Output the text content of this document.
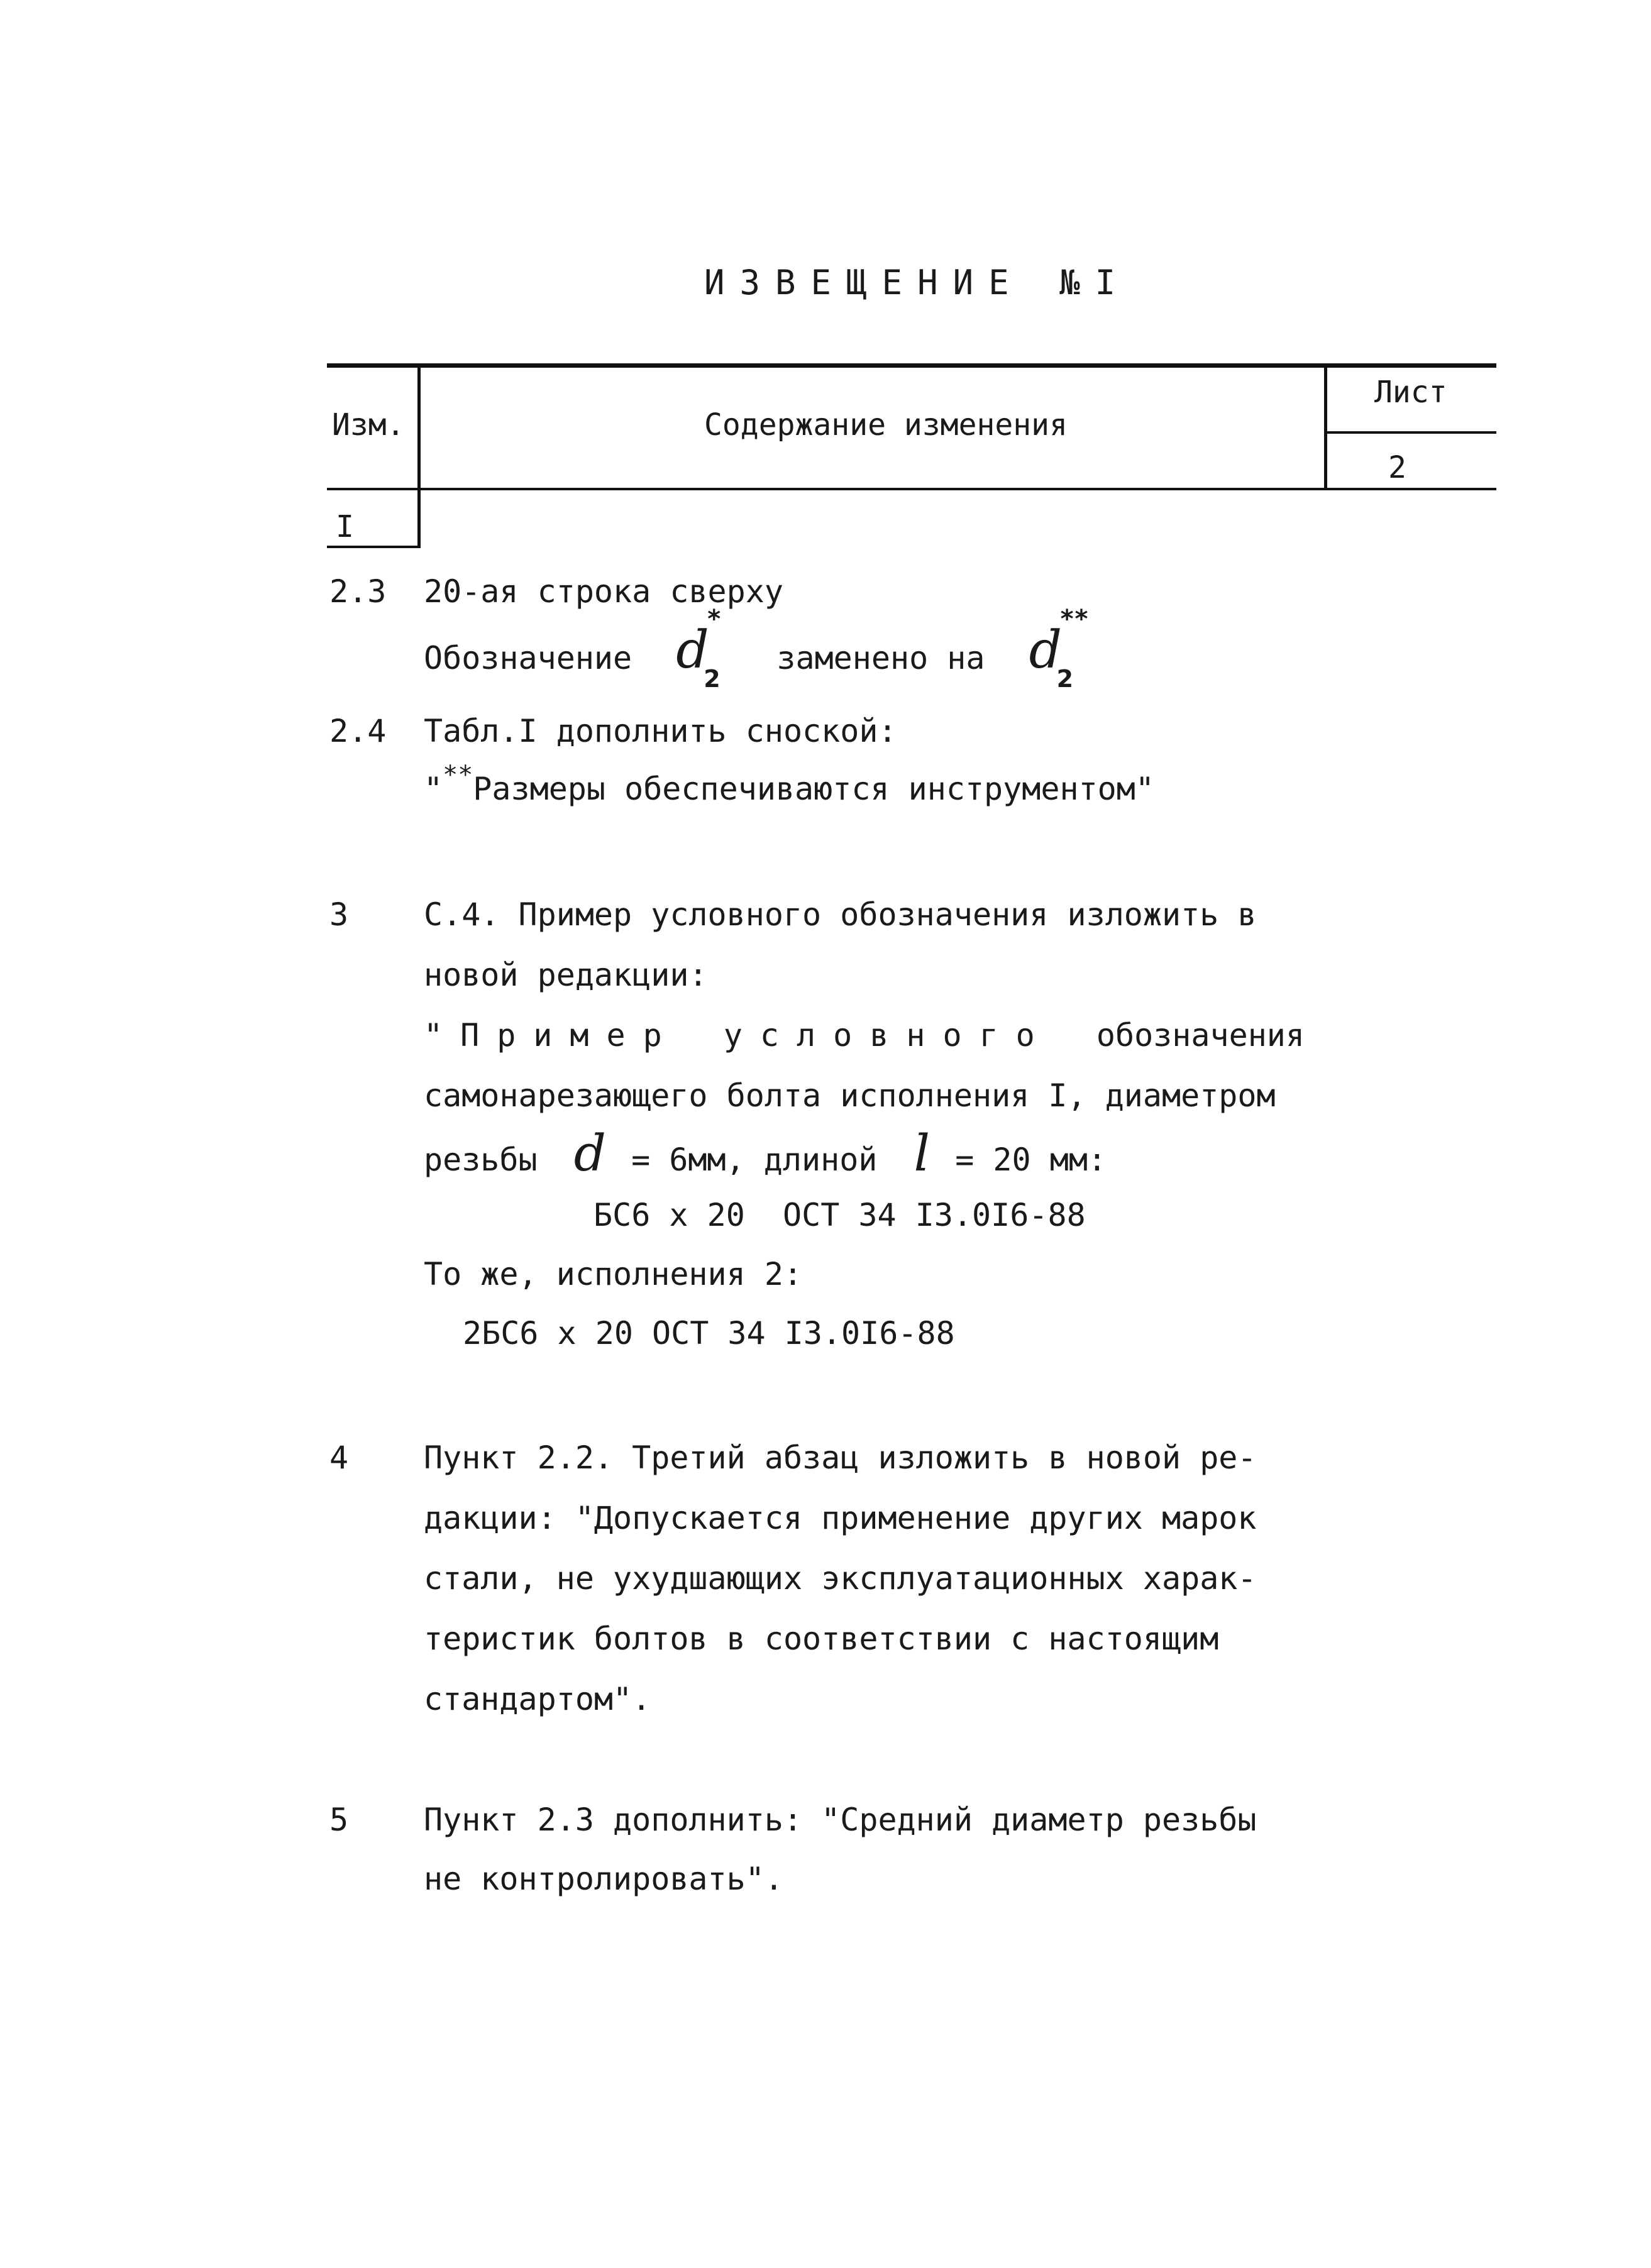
ИЗВЕЩЕНИЕ №I
Изм.	Содержание изменения
Лист
2
I
2.3 20-ая строка сверху
Обозначение d
*
2
заменено на d
**
2
2.4 Табл.I дополнить сноской:
"**Размеры обеспечиваются инструментом"
3 С.4. Пример условного обозначения изложить в
новой редакции:
"Пример условного обозначения
самонарезающего болта исполнения I, диаметром
резьбы d = 6мм, длиной l = 20 мм:
БС6 х 20  ОСТ 34 I3.0I6-88
То же, исполнения 2:
2БС6 х 20 ОСТ 34 I3.0I6-88
4 Пункт 2.2. Третий абзац изложить в новой ре-
дакции: "Допускается применение других марок
стали, не ухудшающих эксплуатационных харак-
теристик болтов в соответствии с настоящим
стандартом".
5 Пункт 2.3 дополнить: "Средний диаметр резьбы
не контролировать".
